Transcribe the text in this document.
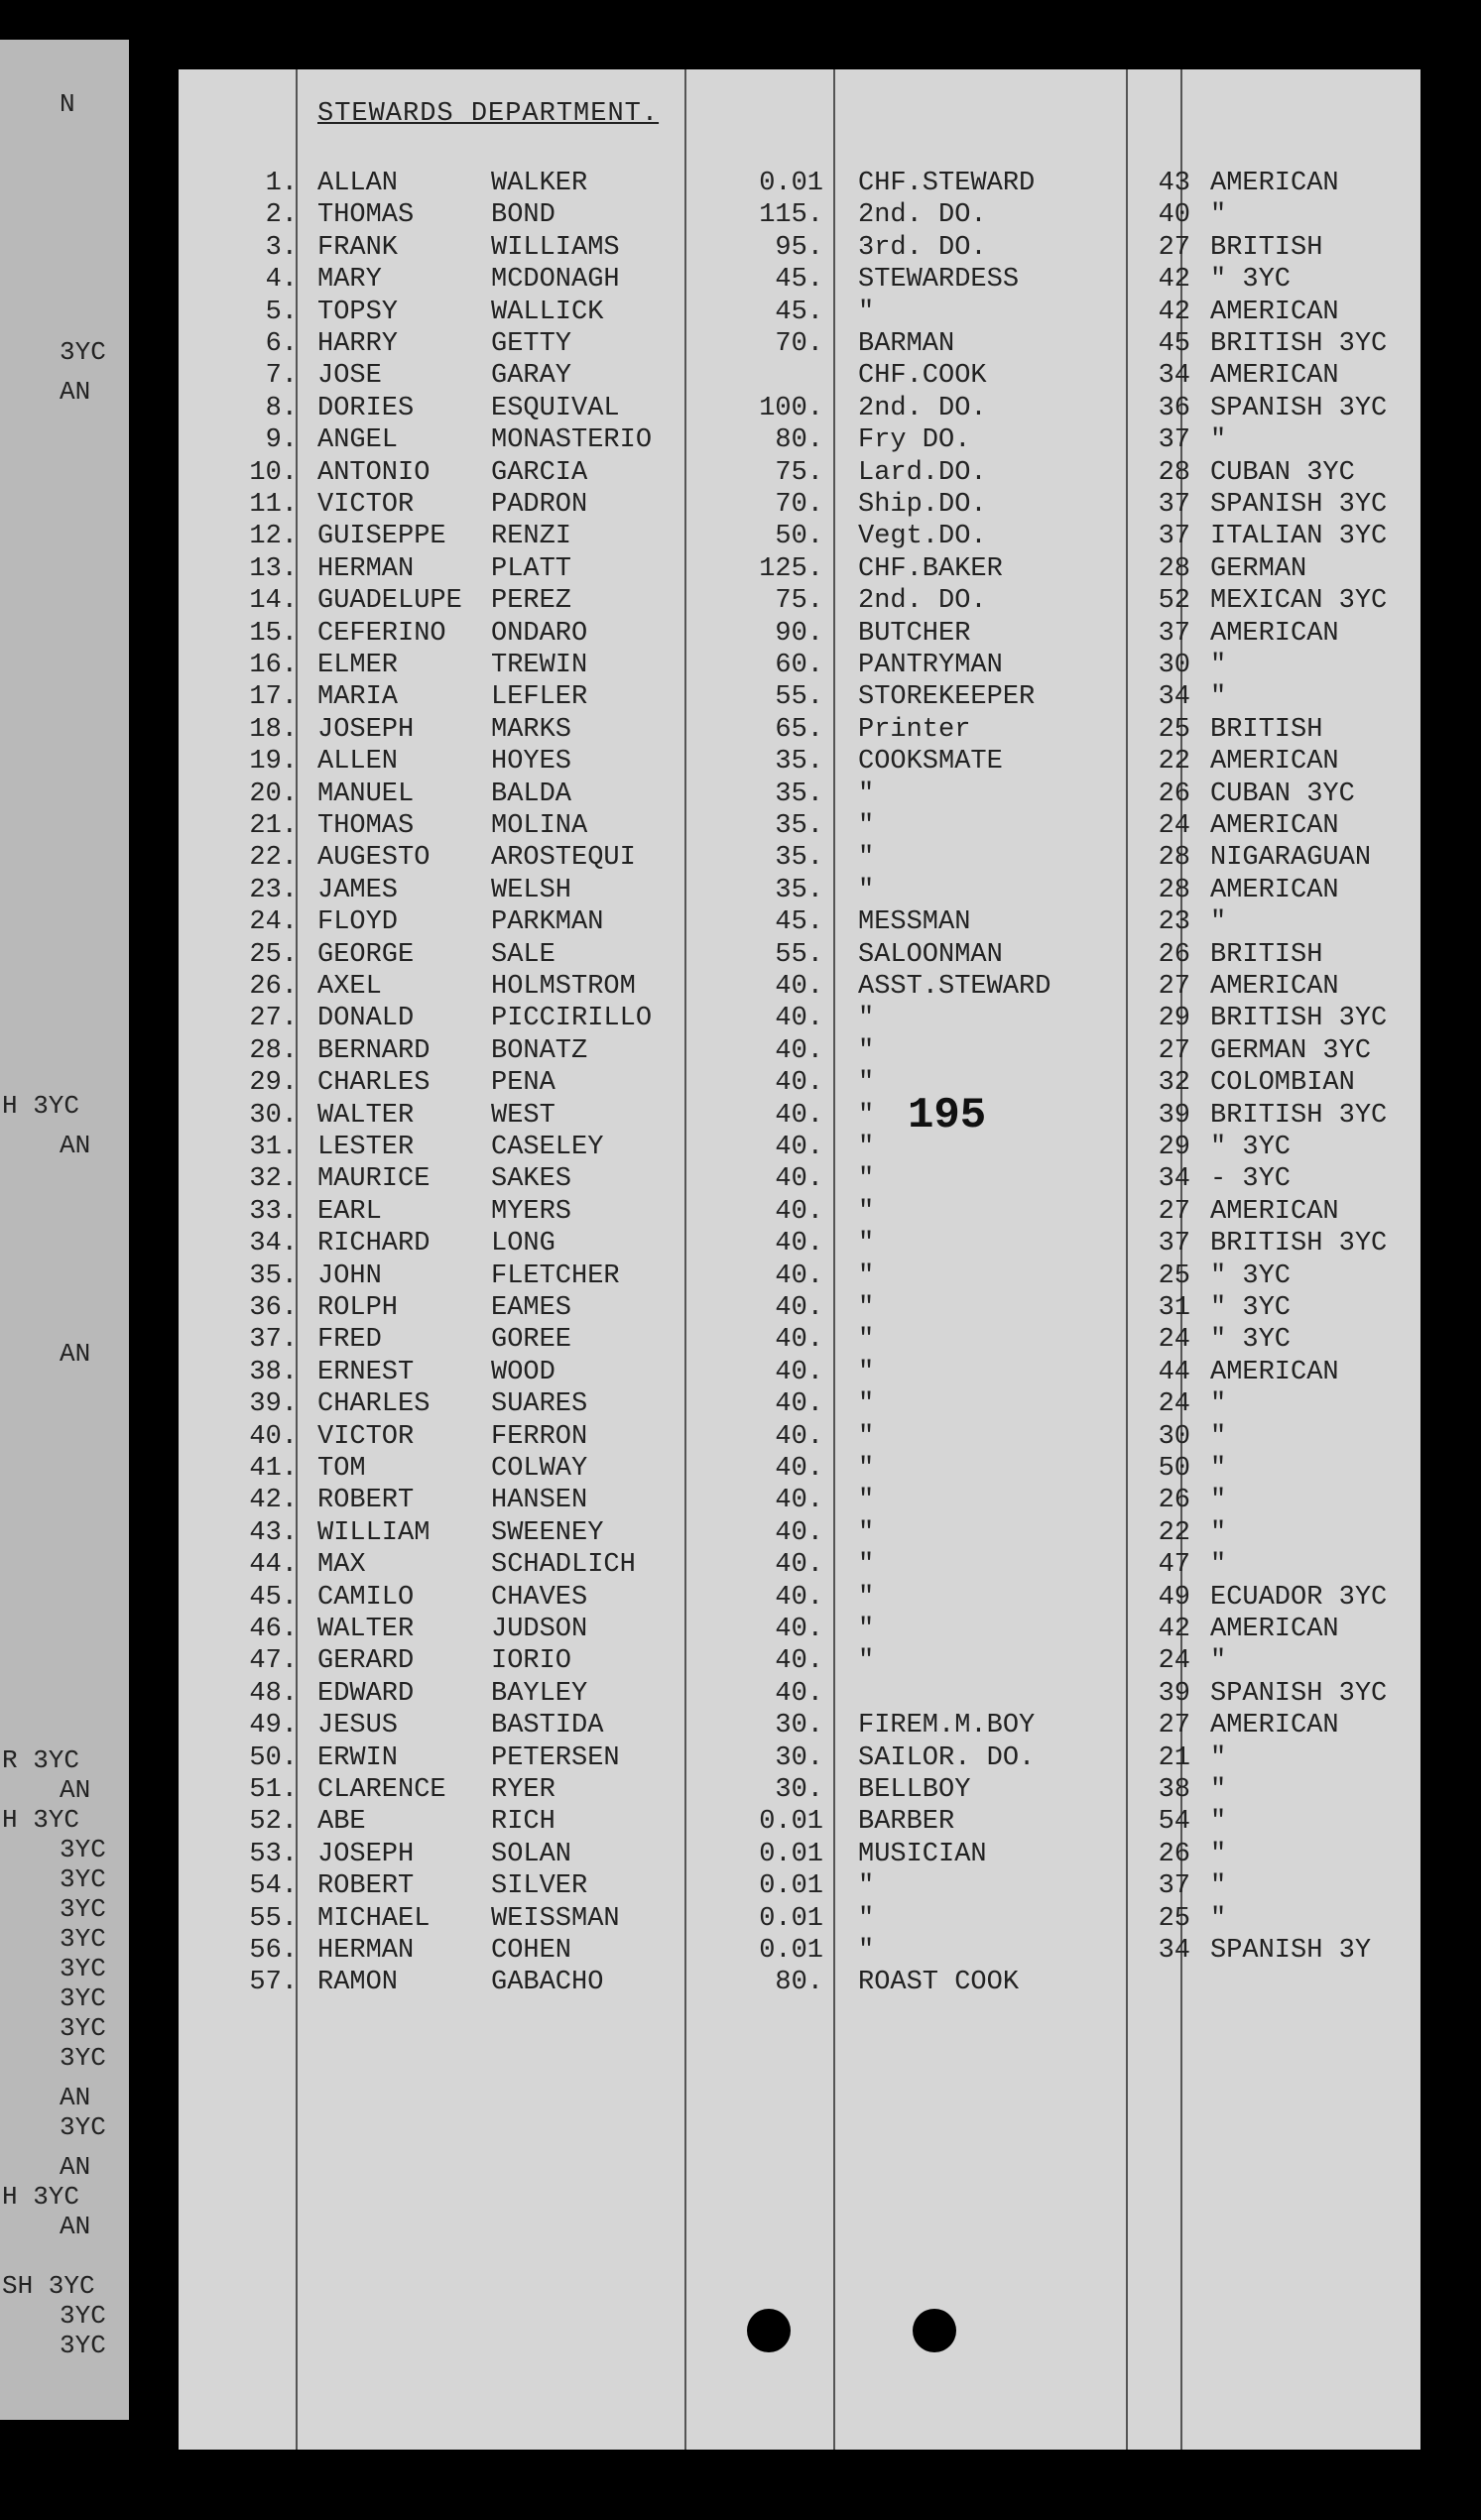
N
3YC
AN
H 3YC
AN
AN
R 3YC
AN
H 3YC
3YC
3YC
3YC
3YC
3YC
3YC
3YC
3YC
AN
3YC
AN
H 3YC
AN
SH 3YC
3YC
3YC
STEWARDS DEPARTMENT.
1. ALLAN	WALKER	0.01 CHF.STEWARD	43 AMERICAN
2. THOMAS	BOND	115. 2nd. DO.	40 "
3. FRANK	WILLIAMS	95. 3rd. DO.	27 BRITISH
4. MARY	MCDONAGH	45. STEWARDESS	42 " 3YC
5. TOPSY	WALLICK	45. "	42 AMERICAN
6. HARRY	GETTY	70. BARMAN	45 BRITISH 3YC
7. JOSE	GARAY	CHF.COOK	34 AMERICAN
8. DORIES	ESQUIVAL	100. 2nd. DO.	36 SPANISH 3YC
9. ANGEL	MONASTERIO	80. Fry DO.	37 "
10. ANTONIO GARCIA	75. Lard.DO.	28 CUBAN 3YC
11. VICTOR	PADRON	70. Ship.DO.	37 SPANISH 3YC
12. GUISEPPE RENZI	50. Vegt.DO.	37 ITALIAN 3YC
13. HERMAN	PLATT	125. CHF.BAKER	28 GERMAN
14. GUADELUPE PEREZ	75. 2nd. DO.	52 MEXICAN 3YC
15. CEFERINO ONDARO	90. BUTCHER	37 AMERICAN
16. ELMER	TREWIN	60. PANTRYMAN	30 "
17. MARIA	LEFLER	55. STOREKEEPER	34 "
18. JOSEPH	MARKS	65. Printer	25 BRITISH
19. ALLEN	HOYES	35. COOKSMATE	22 AMERICAN
20. MANUEL	BALDA	35. "	26 CUBAN 3YC
21. THOMAS	MOLINA	35. "	24 AMERICAN
22. AUGESTO AROSTEQUI	35. "	28 NIGARAGUAN
23. JAMES	WELSH	35. "	28 AMERICAN
24. FLOYD	PARKMAN	45. MESSMAN	23 "
25. GEORGE	SALE	55. SALOONMAN	26 BRITISH
26. AXEL	HOLMSTROM	40. ASST.STEWARD	27 AMERICAN
27. DONALD	PICCIRILLO	40. "	29 BRITISH 3YC
28. BERNARD BONATZ	40. "	27 GERMAN 3YC
29. CHARLES PENA	40. "	32 COLOMBIAN
30. WALTER	WEST	40. "	39 BRITISH 3YC
31. LESTER	CASELEY	40. "	29 " 3YC
32. MAURICE SAKES	40. "	34 - 3YC
33. EARL	MYERS	40. "	27 AMERICAN
34. RICHARD LONG	40. "	37 BRITISH 3YC
35. JOHN	FLETCHER	40. "	25 " 3YC
36. ROLPH	EAMES	40. "	31 " 3YC
37. FRED	GOREE	40. "	24 " 3YC
38. ERNEST	WOOD	40. "	44 AMERICAN
39. CHARLES SUARES	40. "	24 "
40. VICTOR	FERRON	40. "	30 "
41. TOM	COLWAY	40. "	50 "
42. ROBERT	HANSEN	40. "	26 "
43. WILLIAM SWEENEY	40. "	22 "
44. MAX	SCHADLICH	40. "	47 "
45. CAMILO	CHAVES	40. "	49 ECUADOR 3YC
46. WALTER	JUDSON	40. "	42 AMERICAN
47. GERARD	IORIO	40. "	24 "
48. EDWARD	BAYLEY	40.	39 SPANISH 3YC
49. JESUS	BASTIDA	30. FIREM.M.BOY	27 AMERICAN
50. ERWIN	PETERSEN	30. SAILOR. DO.	21 "
51. CLARENCE RYER	30. BELLBOY	38 "
52. ABE	RICH	0.01 BARBER	54 "
53. JOSEPH	SOLAN	0.01 MUSICIAN	26 "
54. ROBERT	SILVER	0.01 "	37 "
55. MICHAEL WEISSMAN	0.01 "	25 "
56. HERMAN	COHEN	0.01 "	34 SPANISH 3Y
57. RAMON	GABACHO	80. ROAST COOK
195
